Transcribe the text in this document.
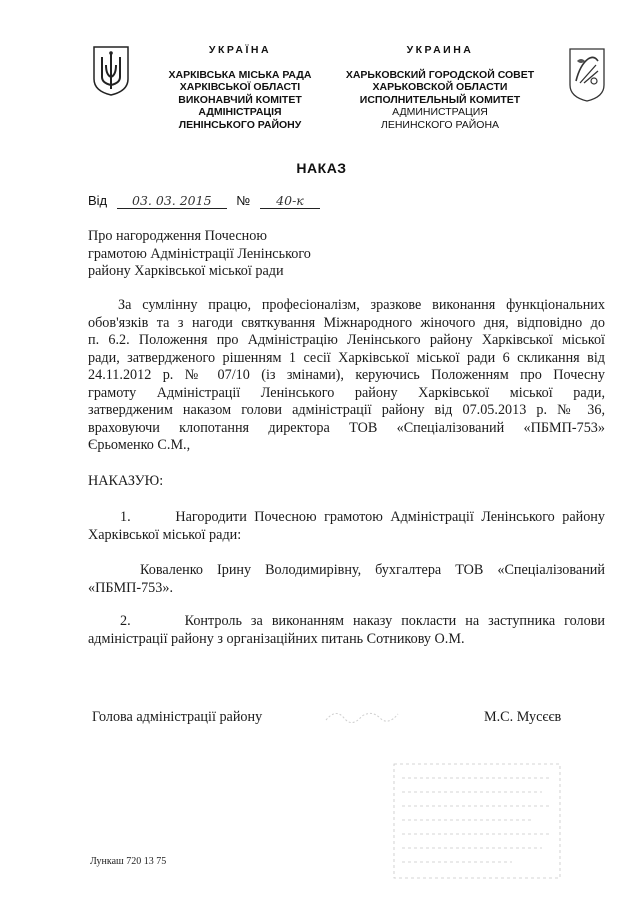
УКРАЇНА
ХАРКІВСЬКА МІСЬКА РАДА
ХАРКІВСЬКОЇ ОБЛАСТІ
ВИКОНАВЧИЙ КОМІТЕТ
АДМІНІСТРАЦІЯ
ЛЕНІНСЬКОГО РАЙОНУ
УКРАИНА
ХАРЬКОВСКИЙ ГОРОДСКОЙ СОВЕТ
ХАРЬКОВСКОЙ ОБЛАСТИ
ИСПОЛНИТЕЛЬНЫЙ КОМИТЕТ
АДМИНИСТРАЦИЯ
ЛЕНИНСКОГО РАЙОНА
НАКАЗ
Від 03. 03. 2015 № 40-к
Про нагородження Почесною
грамотою Адміністрації Ленінського
району Харківської міської ради
За сумлінну працю, професіоналізм, зразкове виконання функціональних
обов'язків та з нагоди святкування Міжнародного жіночого дня, відповідно до
п. 6.2. Положення про Адміністрацію Ленінського району Харківської міської
ради, затвердженого рішенням 1 сесії Харківської міської ради 6 скликання від
24.11.2012 р. № 07/10 (із змінами), керуючись Положенням про Почесну
грамоту Адміністрації Ленінського району Харківської міської ради,
затвердженим наказом голови адміністрації району від 07.05.2013 р. № 36,
враховуючи клопотання директора ТОВ «Спеціалізований «ПБМП-753»
Єрьоменко С.М.,
НАКАЗУЮ:
1.      Нагородити Почесною грамотою Адміністрації Ленінського району
Харківської міської ради:
Коваленко Ірину Володимирівну, бухгалтера ТОВ «Спеціалізований
«ПБМП-753».
2.      Контроль за виконанням наказу покласти на заступника голови
адміністрації району з організаційних питань Сотникову О.М.
Голова адміністрації району	М.С. Мусєєв
Лункаш 720 13 75
